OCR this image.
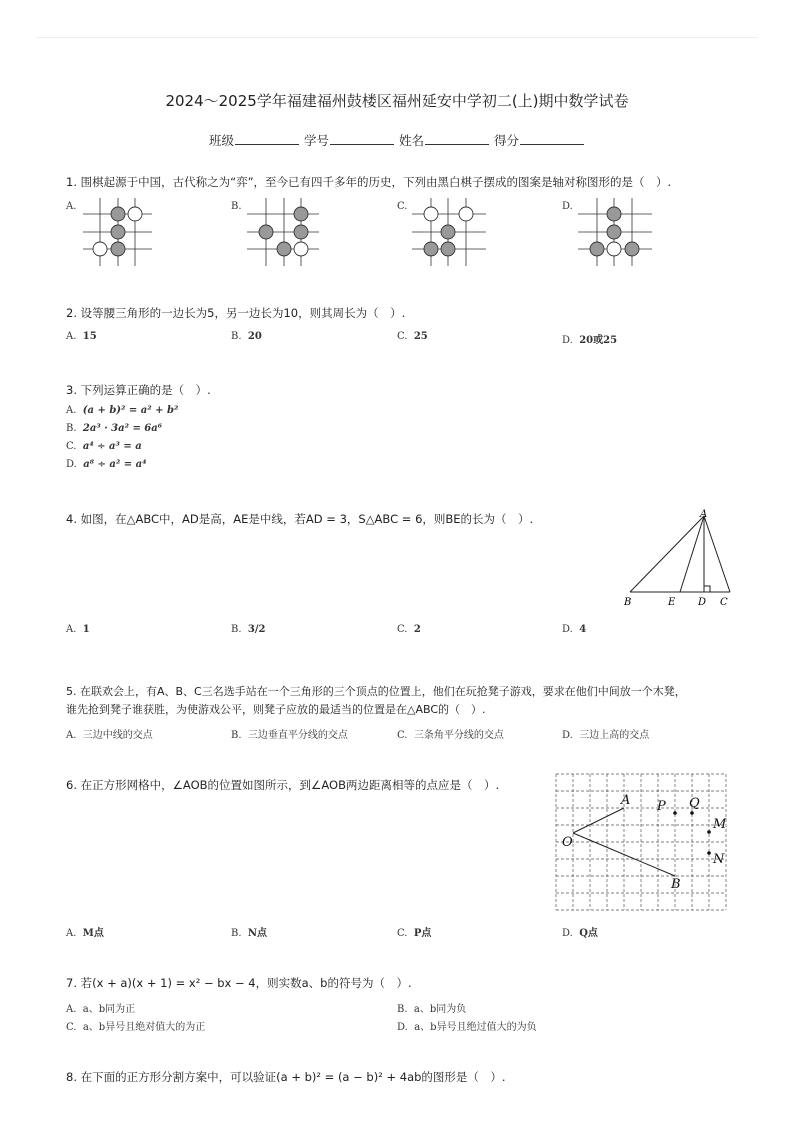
2024～2025学年福建福州鼓楼区福州延安中学初二(上)期中数学试卷
班级	学号	姓名	得分
1. 围棋起源于中国，古代称之为“弈”，至今已有四千多年的历史，下列由黑白棋子摆成的图案是轴对称图形的是（　）.
A.	B.	C.	D.
2. 设等腰三角形的一边长为5，另一边长为10，则其周长为（　）.
A. 15	B. 20	C. 25	D. 20或25
3. 下列运算正确的是（　）.
A. (a + b)² = a² + b²
B. 2a³ · 3a² = 6a⁶
C. a⁴ ÷ a³ = a
D. a⁸ ÷ a² = a⁴
4. 如图，在△ABC中，AD是高，AE是中线，若AD = 3，S△ABC = 6，则BE的长为（　）.	A
B	E D C
A. 1	B. 3/2	C. 2	D. 4
5. 在联欢会上，有A、B、C三名选手站在一个三角形的三个顶点的位置上，他们在玩抢凳子游戏，要求在他们中间放一个木凳，
谁先抢到凳子谁获胜，为使游戏公平，则凳子应放的最适当的位置是在△ABC的（　）.
A. 三边中线的交点	B. 三边垂直平分线的交点	C. 三条角平分线的交点	D. 三边上高的交点
6. 在正方形网格中，∠AOB的位置如图所示，到∠AOB两边距离相等的点应是（　）.
O
A
B
P Q
M
N
A. M点	B. N点	C. P点	D. Q点
7. 若(x + a)(x + 1) = x² − bx − 4，则实数a、b的符号为（　）.
A. a、b同为正	B. a、b同为负
C. a、b异号且绝对值大的为正	D. a、b异号且绝过值大的为负
8. 在下面的正方形分割方案中，可以验证(a + b)² = (a − b)² + 4ab的图形是（　）.
